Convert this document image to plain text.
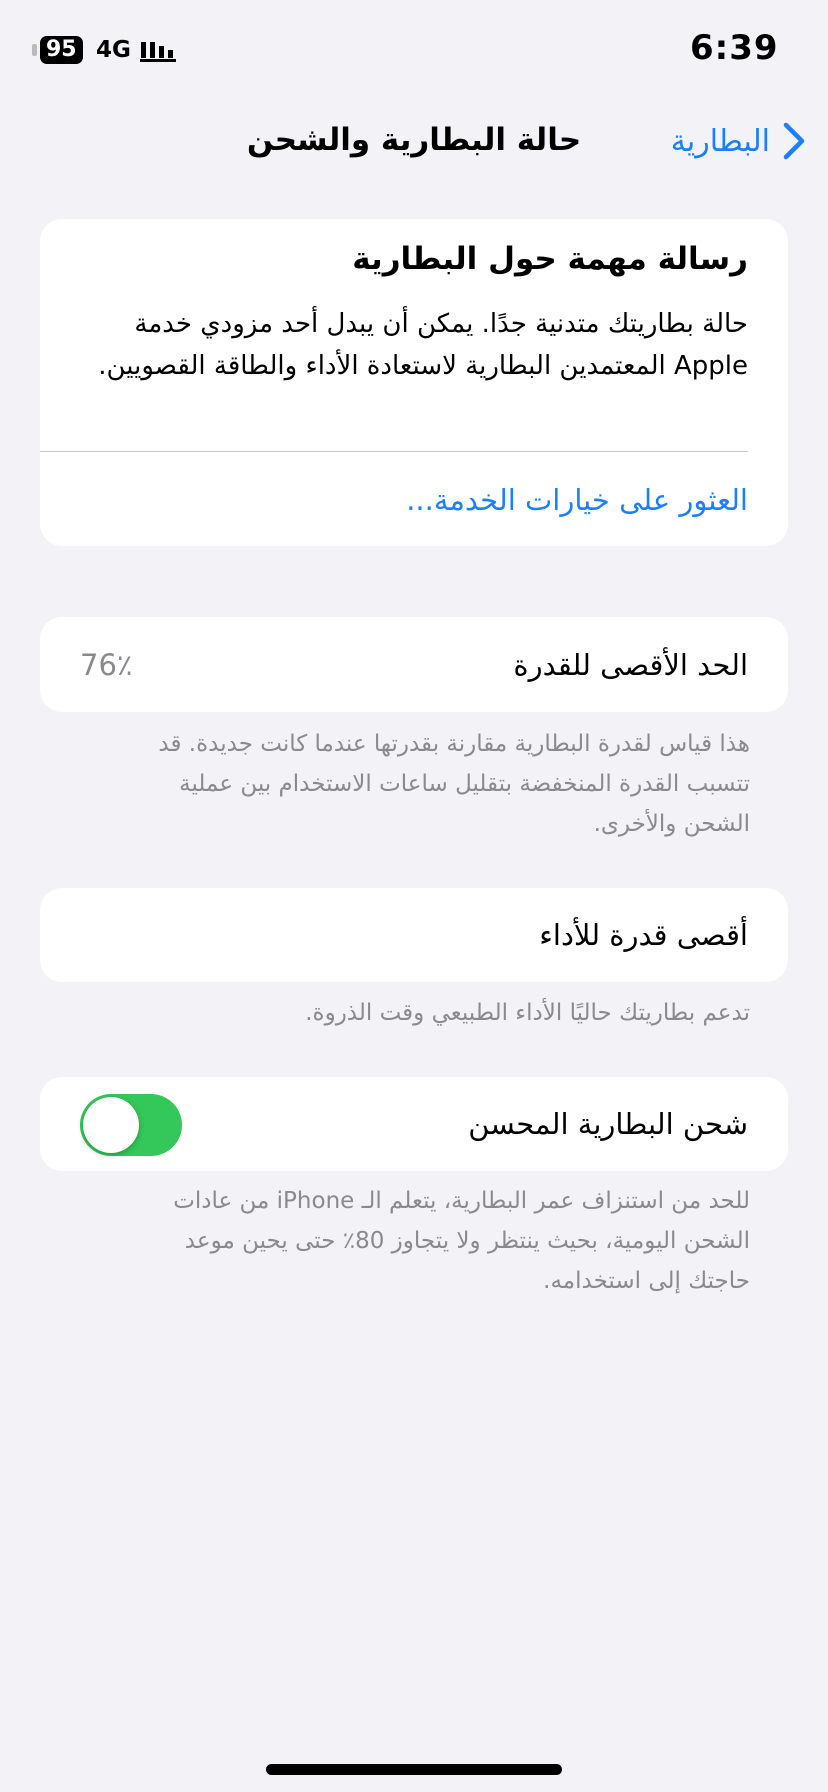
95 4G	6:39
حالة البطارية والشحن	البطارية
رسالة مهمة حول البطارية
حالة بطاريتك متدنية جدًا. يمكن أن يبدل أحد مزودي خدمة Apple المعتمدين البطارية لاستعادة الأداء والطاقة القصويين.
العثور على خيارات الخدمة...
الحد الأقصى للقدرة
76٪
هذا قياس لقدرة البطارية مقارنة بقدرتها عندما كانت جديدة. قد تتسبب القدرة المنخفضة بتقليل ساعات الاستخدام بين عملية الشحن والأخرى.
أقصى قدرة للأداء
تدعم بطاريتك حاليًا الأداء الطبيعي وقت الذروة.
شحن البطارية المحسن
للحد من استنزاف عمر البطارية، يتعلم الـ iPhone من عادات الشحن اليومية، بحيث ينتظر ولا يتجاوز 80٪ حتى يحين موعد حاجتك إلى استخدامه.
